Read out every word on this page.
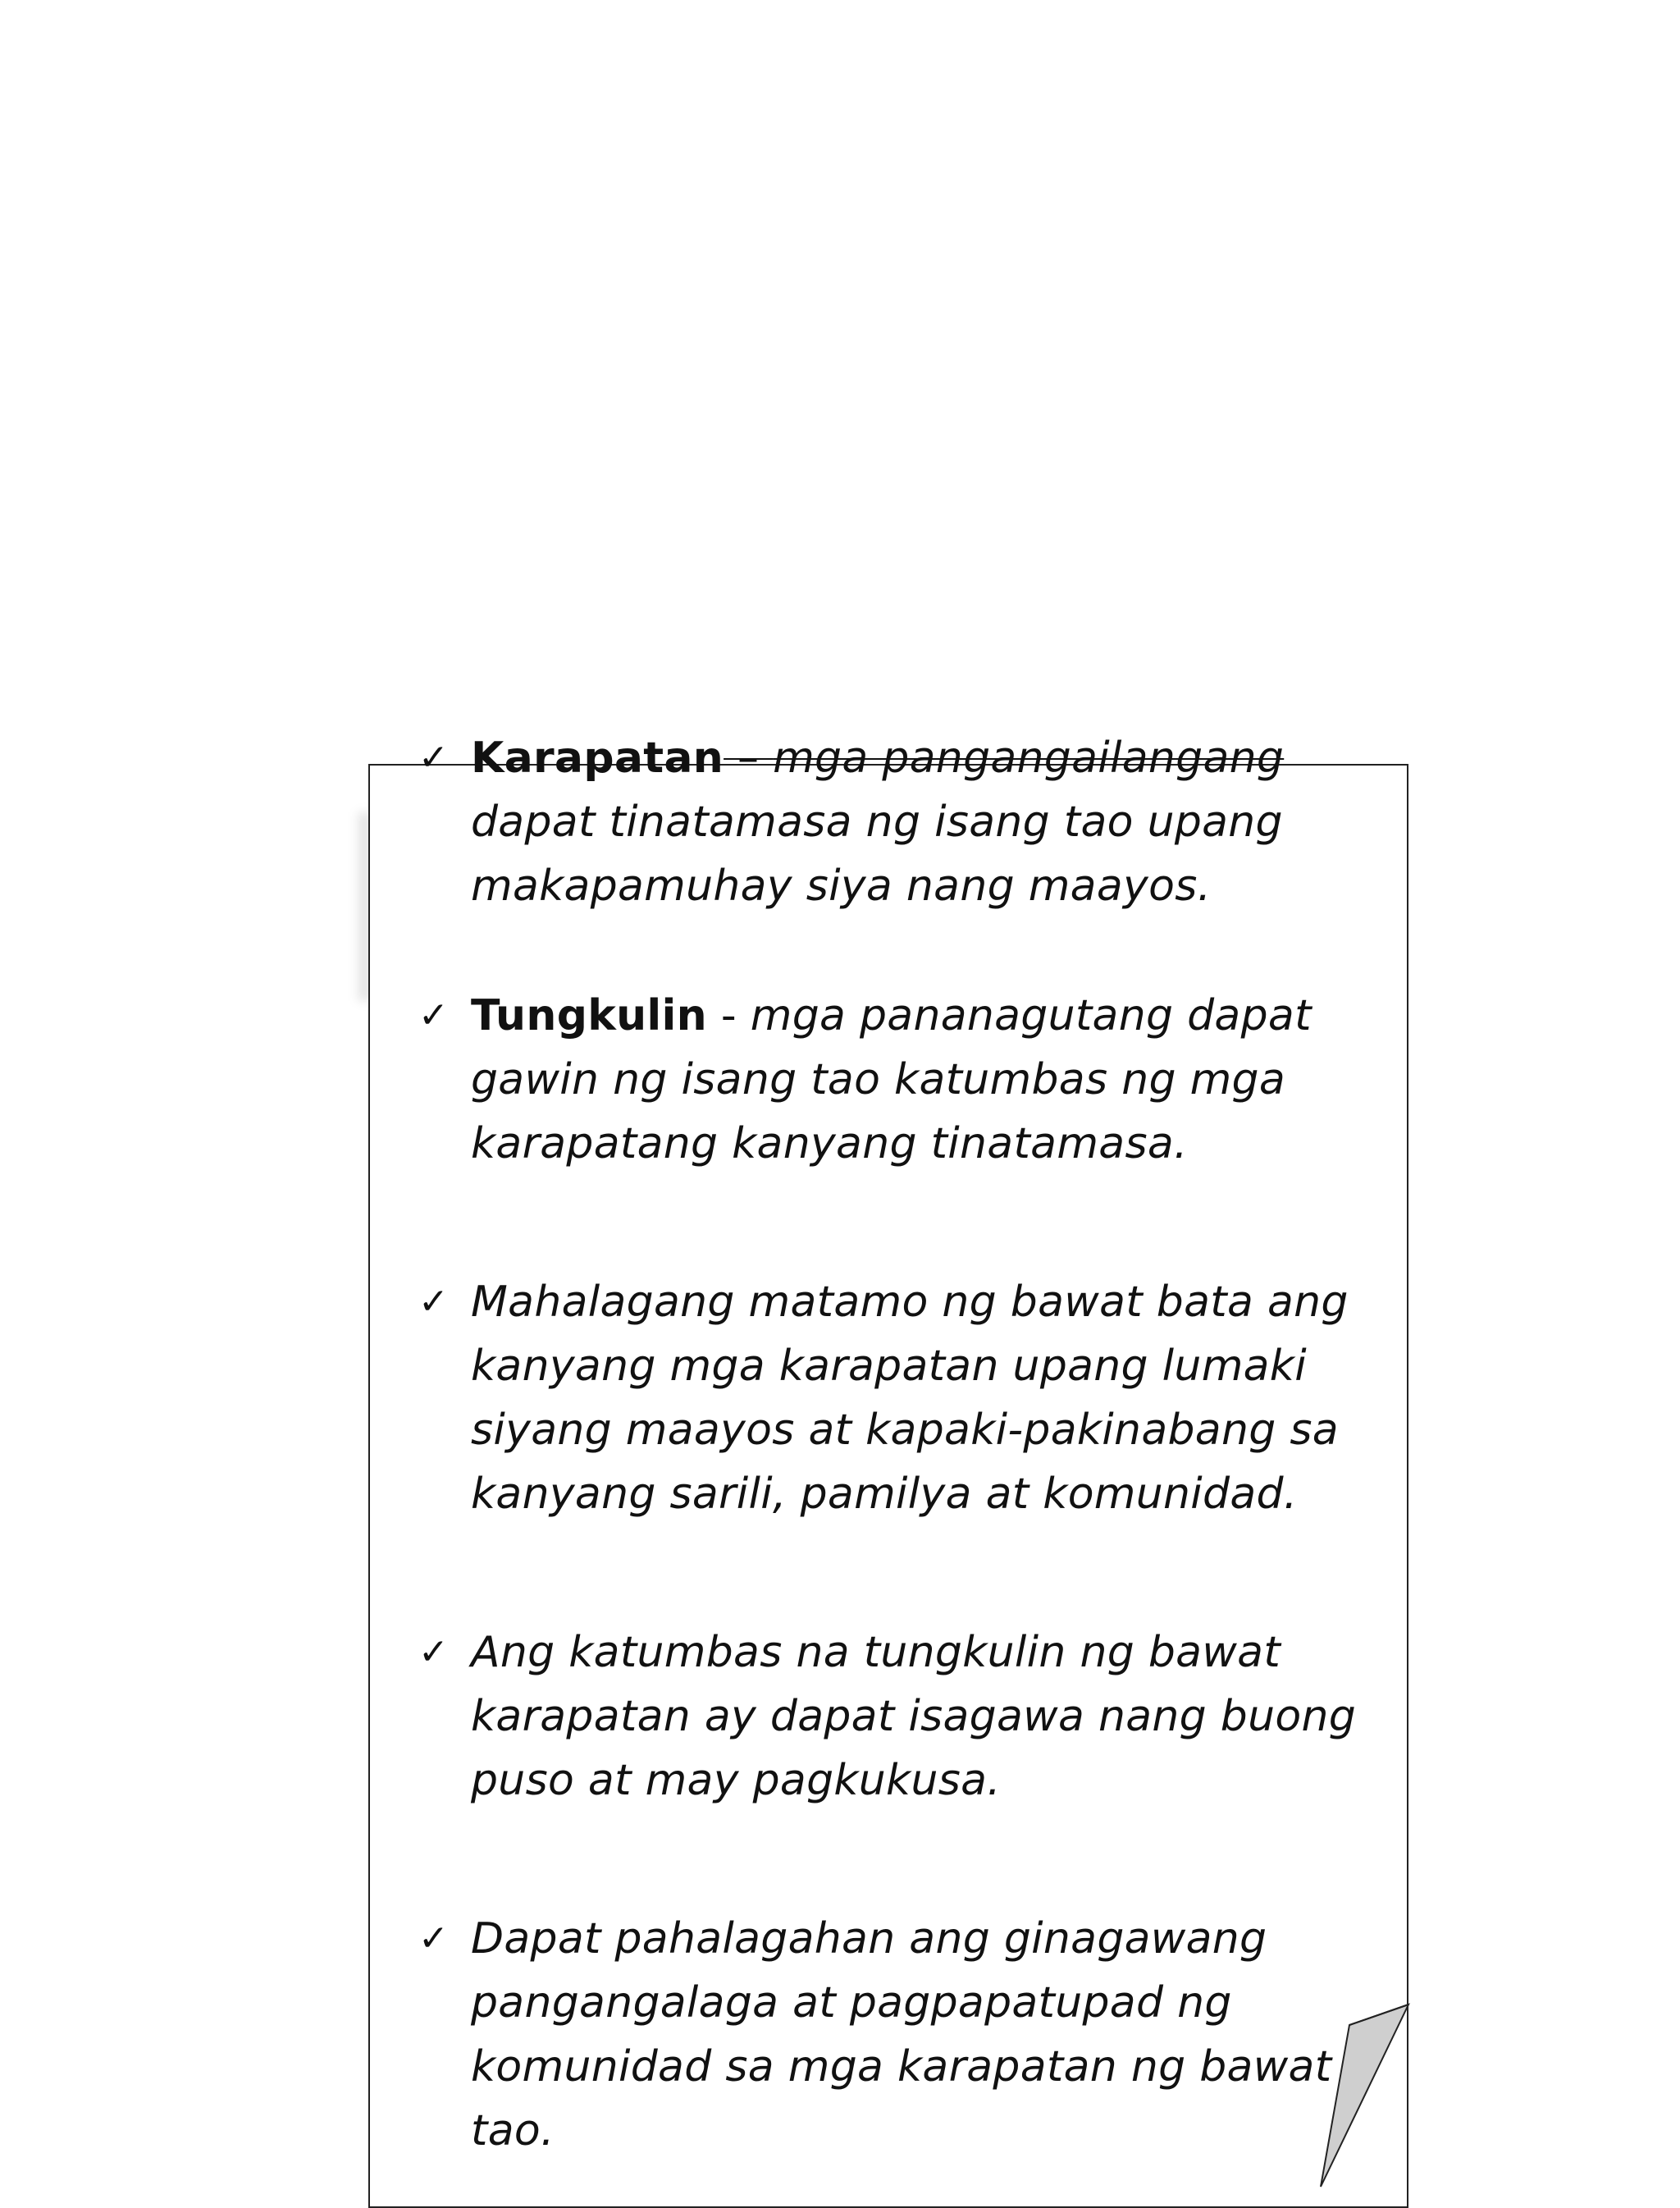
✓ Karapatan – mga pangangailangang dapat tinatamasa ng isang tao upang makapamuhay siya nang maayos.
✓ Tungkulin - mga pananagutang dapat gawin ng isang tao katumbas ng mga karapatang kanyang tinatamasa.
✓ Mahalagang matamo ng bawat bata ang kanyang mga karapatan upang lumaki siyang maayos at kapaki-pakinabang sa kanyang sarili, pamilya at komunidad.
✓ Ang katumbas na tungkulin ng bawat karapatan ay dapat isagawa nang buong puso at may pagkukusa.
✓ Dapat pahalagahan ang ginagawang pangangalaga at pagpapatupad ng komunidad sa mga karapatan ng bawat tao.
